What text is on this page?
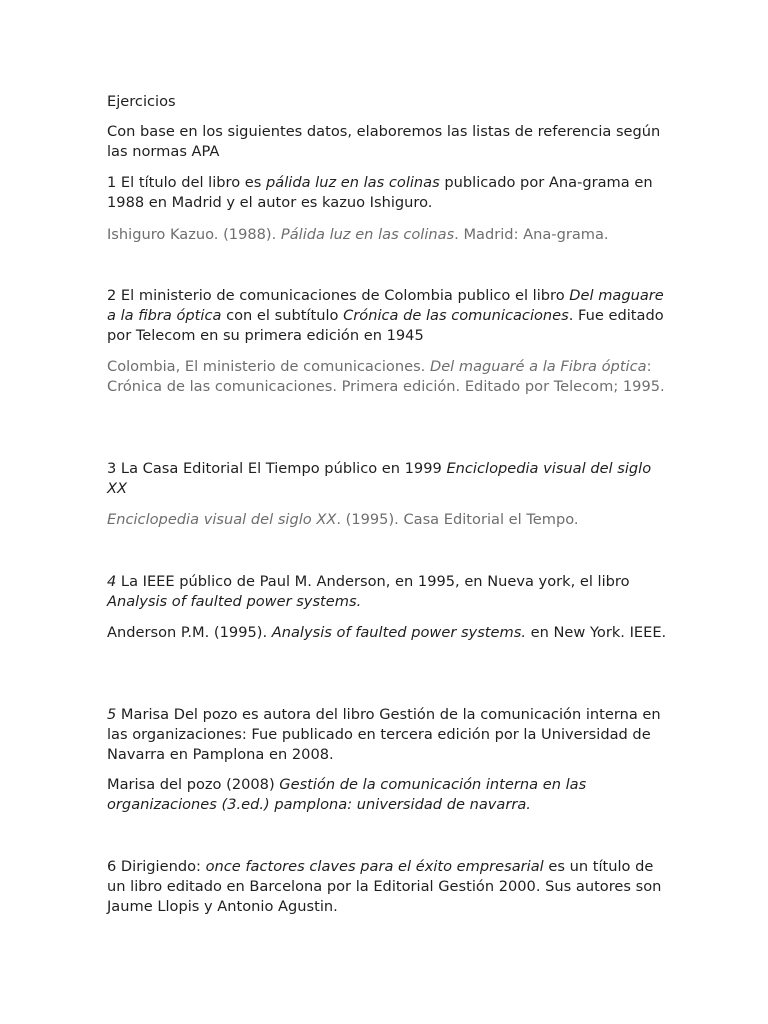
Ejercicios

Con base en los siguientes datos, elaboremos las listas de referencia según las normas APA

1 El título del libro es pálida luz en las colinas publicado por Ana-grama en 1988 en Madrid y el autor es kazuo Ishiguro.

Ishiguro Kazuo. (1988). Pálida luz en las colinas. Madrid: Ana-grama.

2 El ministerio de comunicaciones de Colombia publico el libro Del maguare a la fibra óptica con el subtítulo Crónica de las comunicaciones. Fue editado por Telecom en su primera edición en 1945

Colombia, El ministerio de comunicaciones. Del maguaré a la Fibra óptica: Crónica de las comunicaciones. Primera edición. Editado por Telecom; 1995.

3 La Casa Editorial El Tiempo público en 1999 Enciclopedia visual del siglo XX

Enciclopedia visual del siglo XX. (1995). Casa Editorial el Tempo.

4 La IEEE público de Paul M. Anderson, en 1995, en Nueva york, el libro Analysis of faulted power systems.

Anderson P.M. (1995). Analysis of faulted power systems. en New York. IEEE.

5 Marisa Del pozo es autora del libro Gestión de la comunicación interna en las organizaciones: Fue publicado en tercera edición por la Universidad de Navarra en Pamplona en 2008.

Marisa del pozo (2008) Gestión de la comunicación interna en las organizaciones (3.ed.) pamplona: universidad de navarra.

6 Dirigiendo: once factores claves para el éxito empresarial es un título de un libro editado en Barcelona por la Editorial Gestión 2000. Sus autores son Jaume Llopis y Antonio Agustin.
